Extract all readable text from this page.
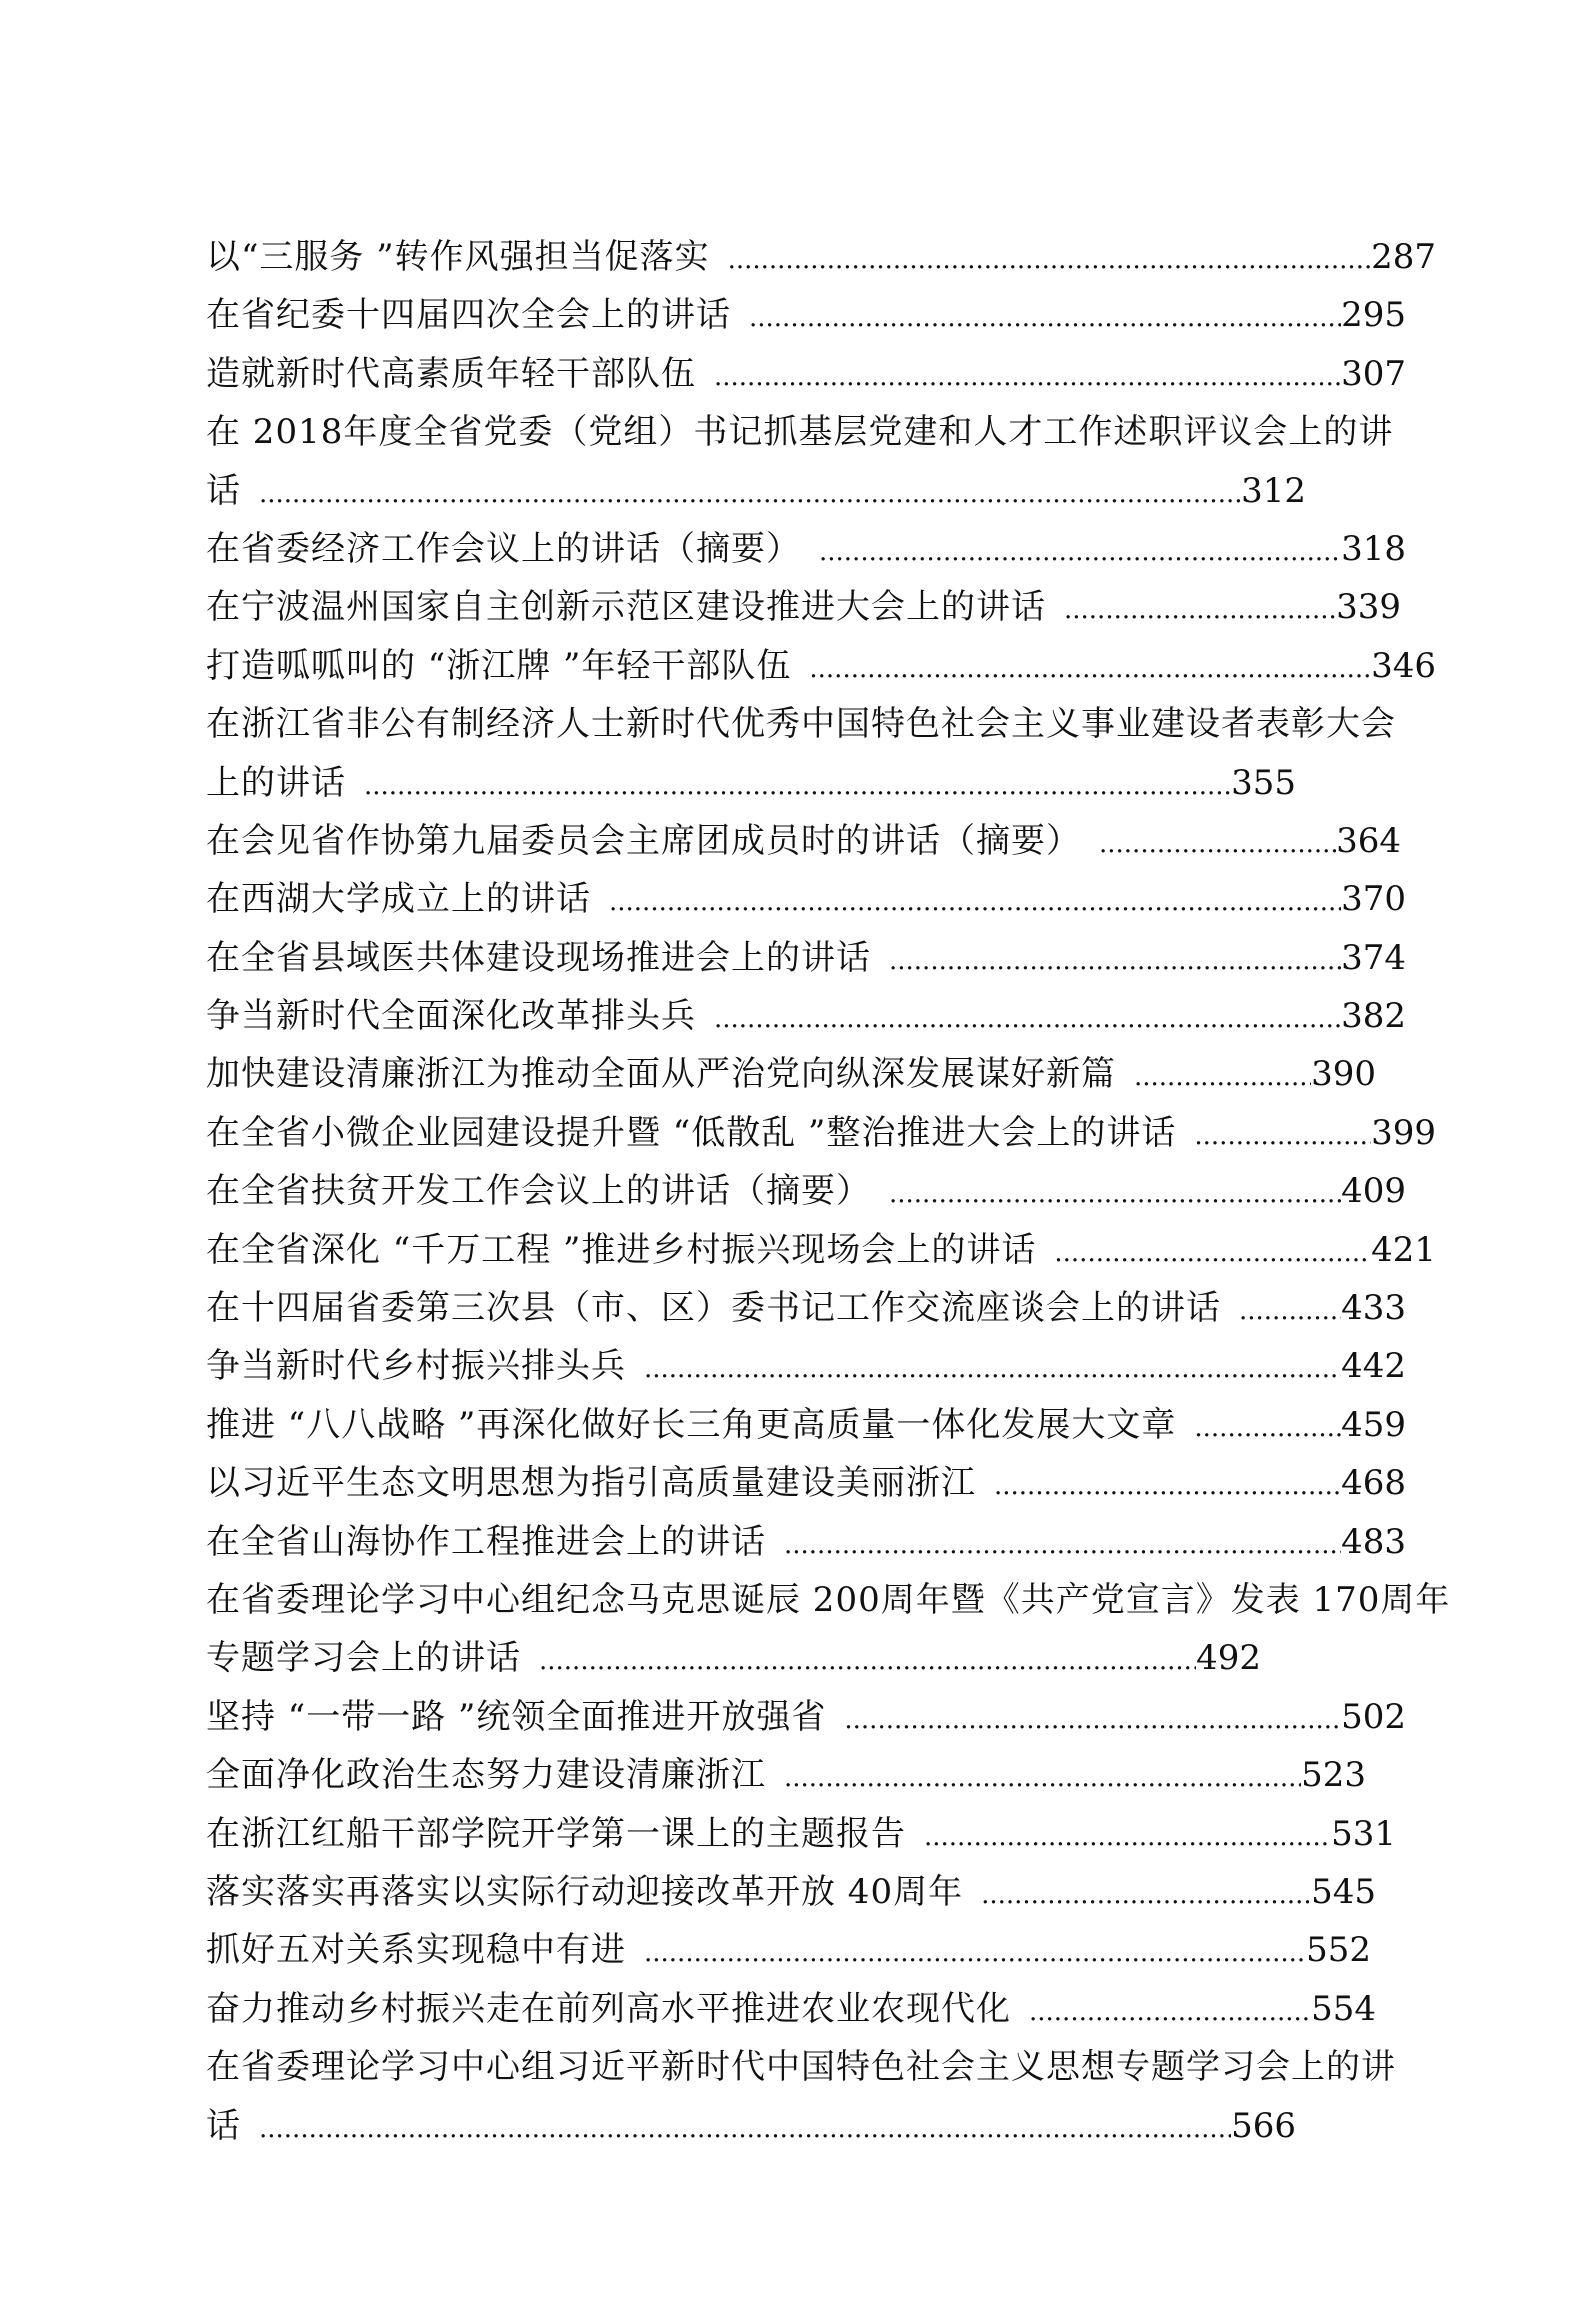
以“三服务 ”转作风强担当促落实 .....	287
在省纪委十四届四次全会上的讲话 .....	295
造就新时代高素质年轻干部队伍 .....	307
在 2018年度全省党委（党组）书记抓基层党建和人才工作述职评议会上的讲
话 .....	312
在省委经济工作会议上的讲话（摘要） .....	318
在宁波温州国家自主创新示范区建设推进大会上的讲话 .....	339
打造呱呱叫的 “浙江牌 ”年轻干部队伍 .....	346
在浙江省非公有制经济人士新时代优秀中国特色社会主义事业建设者表彰大会
上的讲话 .....	355
在会见省作协第九届委员会主席团成员时的讲话（摘要） .....	364
在西湖大学成立上的讲话 .....	370
在全省县域医共体建设现场推进会上的讲话 .....	374
争当新时代全面深化改革排头兵 .....	382
加快建设清廉浙江为推动全面从严治党向纵深发展谋好新篇 .....	390
在全省小微企业园建设提升暨 “低散乱 ”整治推进大会上的讲话 .....	399
在全省扶贫开发工作会议上的讲话（摘要） .....	409
在全省深化 “千万工程 ”推进乡村振兴现场会上的讲话 .....	421
在十四届省委第三次县（市、区）委书记工作交流座谈会上的讲话 .....	433
争当新时代乡村振兴排头兵 .....	442
推进 “八八战略 ”再深化做好长三角更高质量一体化发展大文章 .....	459
以习近平生态文明思想为指引高质量建设美丽浙江 .....	468
在全省山海协作工程推进会上的讲话 .....	483
在省委理论学习中心组纪念马克思诞辰 200周年暨《共产党宣言》发表 170周年
专题学习会上的讲话 .....	492
坚持 “一带一路 ”统领全面推进开放强省 .....	502
全面净化政治生态努力建设清廉浙江 .....	523
在浙江红船干部学院开学第一课上的主题报告 .....	531
落实落实再落实以实际行动迎接改革开放 40周年 .....	545
抓好五对关系实现稳中有进 .....	552
奋力推动乡村振兴走在前列高水平推进农业农现代化 .....	554
在省委理论学习中心组习近平新时代中国特色社会主义思想专题学习会上的讲
话 .....	566
